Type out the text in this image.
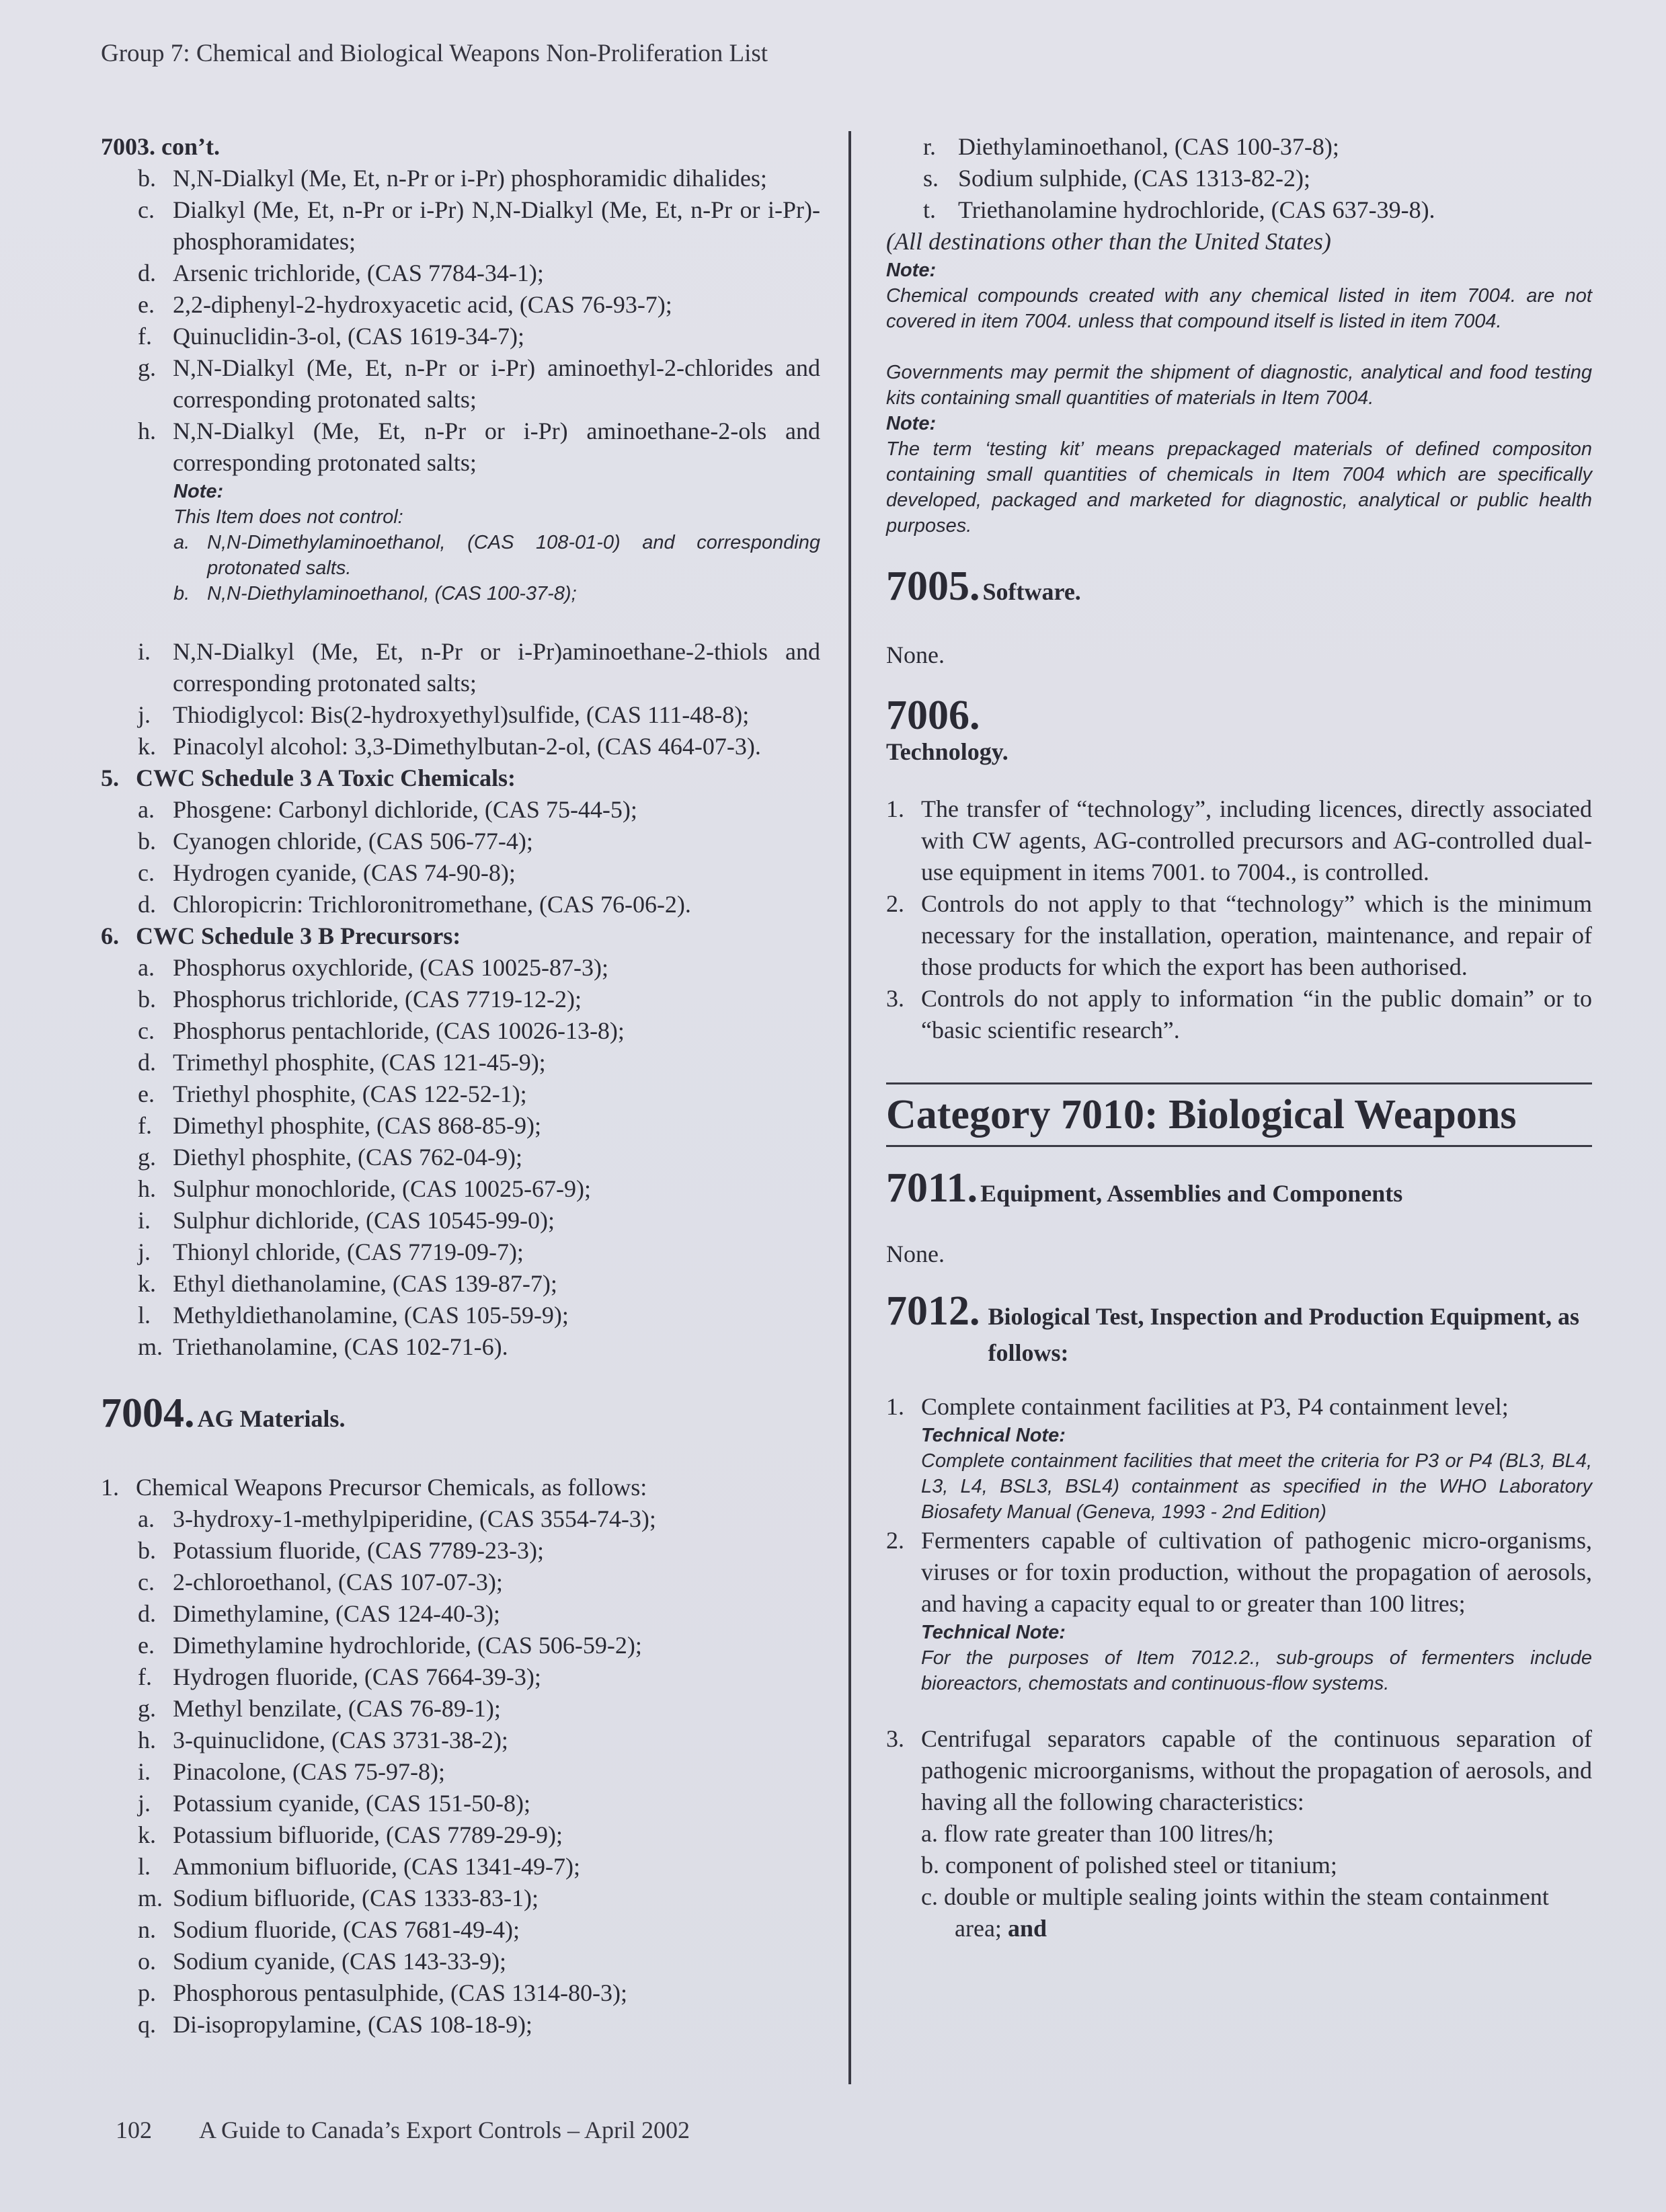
Group 7: Chemical and Biological Weapons Non-Proliferation List
7003. con’t.
b. N,N-Dialkyl (Me, Et, n-Pr or i-Pr) phosphoramidic dihalides;
c. Dialkyl (Me, Et, n-Pr or i-Pr) N,N-Dialkyl (Me, Et, n-Pr or i-Pr)-phosphoramidates;
d. Arsenic trichloride, (CAS 7784-34-1);
e. 2,2-diphenyl-2-hydroxyacetic acid, (CAS 76-93-7);
f. Quinuclidin-3-ol, (CAS 1619-34-7);
g. N,N-Dialkyl (Me, Et, n-Pr or i-Pr) aminoethyl-2-chlorides and corresponding protonated salts;
h. N,N-Dialkyl (Me, Et, n-Pr or i-Pr) aminoethane-2-ols and corresponding protonated salts;
Note:
This Item does not control:
a. N,N-Dimethylaminoethanol, (CAS 108-01-0) and corresponding protonated salts.
b. N,N-Diethylaminoethanol, (CAS 100-37-8);
i. N,N-Dialkyl (Me, Et, n-Pr or i-Pr)aminoethane-2-thiols and corresponding protonated salts;
j. Thiodiglycol: Bis(2-hydroxyethyl)sulfide, (CAS 111-48-8);
k. Pinacolyl alcohol: 3,3-Dimethylbutan-2-ol, (CAS 464-07-3).
5. CWC Schedule 3 A Toxic Chemicals:
a. Phosgene: Carbonyl dichloride, (CAS 75-44-5);
b. Cyanogen chloride, (CAS 506-77-4);
c. Hydrogen cyanide, (CAS 74-90-8);
d. Chloropicrin: Trichloronitromethane, (CAS 76-06-2).
6. CWC Schedule 3 B Precursors:
a. Phosphorus oxychloride, (CAS 10025-87-3);
b. Phosphorus trichloride, (CAS 7719-12-2);
c. Phosphorus pentachloride, (CAS 10026-13-8);
d. Trimethyl phosphite, (CAS 121-45-9);
e. Triethyl phosphite, (CAS 122-52-1);
f. Dimethyl phosphite, (CAS 868-85-9);
g. Diethyl phosphite, (CAS 762-04-9);
h. Sulphur monochloride, (CAS 10025-67-9);
i. Sulphur dichloride, (CAS 10545-99-0);
j. Thionyl chloride, (CAS 7719-09-7);
k. Ethyl diethanolamine, (CAS 139-87-7);
l. Methyldiethanolamine, (CAS 105-59-9);
m. Triethanolamine, (CAS 102-71-6).
7004. AG Materials.
1. Chemical Weapons Precursor Chemicals, as follows:
a. 3-hydroxy-1-methylpiperidine, (CAS 3554-74-3);
b. Potassium fluoride, (CAS 7789-23-3);
c. 2-chloroethanol, (CAS 107-07-3);
d. Dimethylamine, (CAS 124-40-3);
e. Dimethylamine hydrochloride, (CAS 506-59-2);
f. Hydrogen fluoride, (CAS 7664-39-3);
g. Methyl benzilate, (CAS 76-89-1);
h. 3-quinuclidone, (CAS 3731-38-2);
i. Pinacolone, (CAS 75-97-8);
j. Potassium cyanide, (CAS 151-50-8);
k. Potassium bifluoride, (CAS 7789-29-9);
l. Ammonium bifluoride, (CAS 1341-49-7);
m. Sodium bifluoride, (CAS 1333-83-1);
n. Sodium fluoride, (CAS 7681-49-4);
o. Sodium cyanide, (CAS 143-33-9);
p. Phosphorous pentasulphide, (CAS 1314-80-3);
q. Di-isopropylamine, (CAS 108-18-9);
r. Diethylaminoethanol, (CAS 100-37-8);
s. Sodium sulphide, (CAS 1313-82-2);
t. Triethanolamine hydrochloride, (CAS 637-39-8).
(All destinations other than the United States)
Note:
Chemical compounds created with any chemical listed in item 7004. are not covered in item 7004. unless that compound itself is listed in item 7004.
Governments may permit the shipment of diagnostic, analytical and food testing kits containing small quantities of materials in Item 7004.
Note:
The term ‘testing kit’ means prepackaged materials of defined compositon containing small quantities of chemicals in Item 7004 which are specifically developed, packaged and marketed for diagnostic, analytical or public health purposes.
7005. Software.
None.
7006.
Technology.
1. The transfer of “technology”, including licences, directly associated with CW agents, AG-controlled precursors and AG-controlled dual-use equipment in items 7001. to 7004., is controlled.
2. Controls do not apply to that “technology” which is the minimum necessary for the installation, operation, maintenance, and repair of those products for which the export has been authorised.
3. Controls do not apply to information “in the public domain” or to “basic scientific research”.
Category 7010: Biological Weapons
7011. Equipment, Assemblies and Components
None.
7012. Biological Test, Inspection and Production Equipment, as follows:
1. Complete containment facilities at P3, P4 containment level;
Technical Note:
Complete containment facilities that meet the criteria for P3 or P4 (BL3, BL4, L3, L4, BSL3, BSL4) containment as specified in the WHO Laboratory Biosafety Manual (Geneva, 1993 - 2nd Edition)
2. Fermenters capable of cultivation of pathogenic micro-organisms, viruses or for toxin production, without the propagation of aerosols, and having a capacity equal to or greater than 100 litres;
Technical Note:
For the purposes of Item 7012.2., sub-groups of fermenters include bioreactors, chemostats and continuous-flow systems.
3. Centrifugal separators capable of the continuous separation of pathogenic microorganisms, without the propagation of aerosols, and having all the following characteristics:
a. flow rate greater than 100 litres/h;
b. component of polished steel or titanium;
c. double or multiple sealing joints within the steam containment area; and
102 A Guide to Canada’s Export Controls – April 2002
